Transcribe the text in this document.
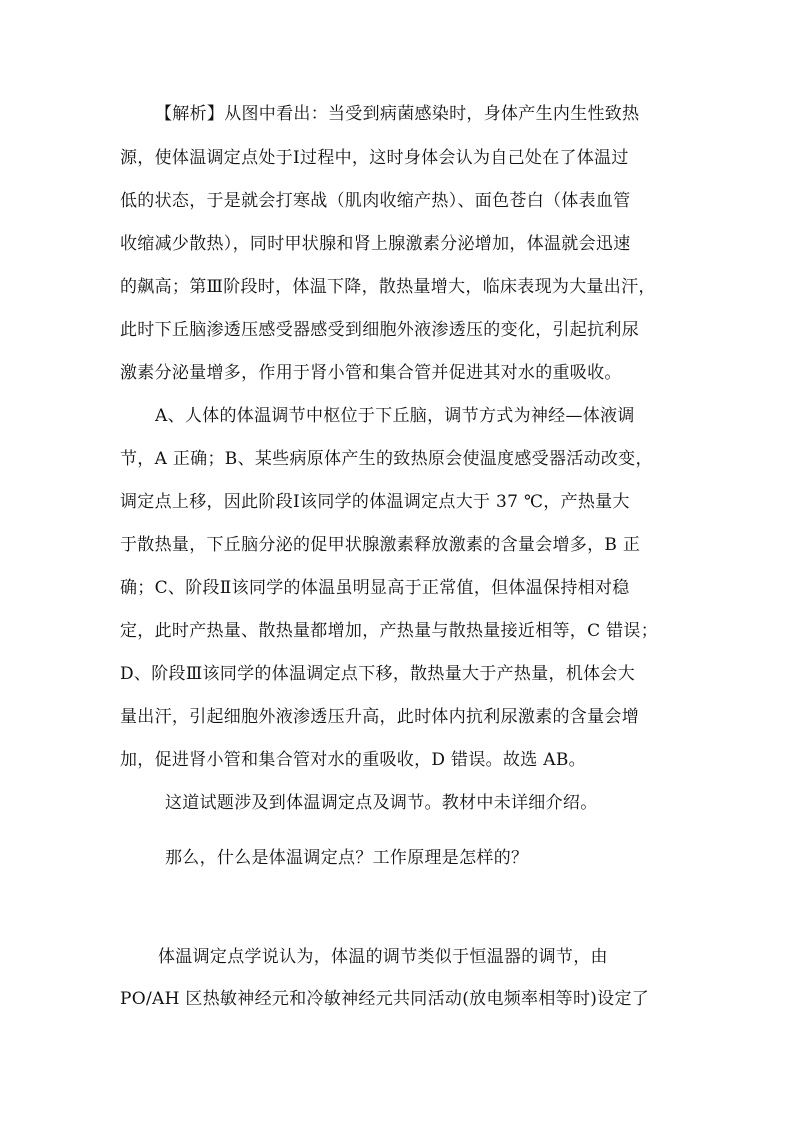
【解析】从图中看出：当受到病菌感染时，身体产生内生性致热
源，使体温调定点处于Ⅰ过程中，这时身体会认为自己处在了体温过
低的状态，于是就会打寒战（肌肉收缩产热）、面色苍白（体表血管
收缩减少散热），同时甲状腺和肾上腺激素分泌增加，体温就会迅速
的飙高；第Ⅲ阶段时，体温下降，散热量增大，临床表现为大量出汗，
此时下丘脑渗透压感受器感受到细胞外液渗透压的变化，引起抗利尿
激素分泌量增多，作用于肾小管和集合管并促进其对水的重吸收。
A、人体的体温调节中枢位于下丘脑，调节方式为神经—体液调
节，A 正确；B、某些病原体产生的致热原会使温度感受器活动改变，
调定点上移，因此阶段Ⅰ该同学的体温调定点大于 37 ℃，产热量大
于散热量，下丘脑分泌的促甲状腺激素释放激素的含量会增多，B 正
确；C、阶段Ⅱ该同学的体温虽明显高于正常值，但体温保持相对稳
定，此时产热量、散热量都增加，产热量与散热量接近相等，C 错误；
D、阶段Ⅲ该同学的体温调定点下移，散热量大于产热量，机体会大
量出汗，引起细胞外液渗透压升高，此时体内抗利尿激素的含量会增
加，促进肾小管和集合管对水的重吸收，D 错误。故选 AB。
这道试题涉及到体温调定点及调节。教材中未详细介绍。
那么，什么是体温调定点？工作原理是怎样的？
体温调定点学说认为，体温的调节类似于恒温器的调节，由
PO/AH 区热敏神经元和冷敏神经元共同活动(放电频率相等时)设定了
